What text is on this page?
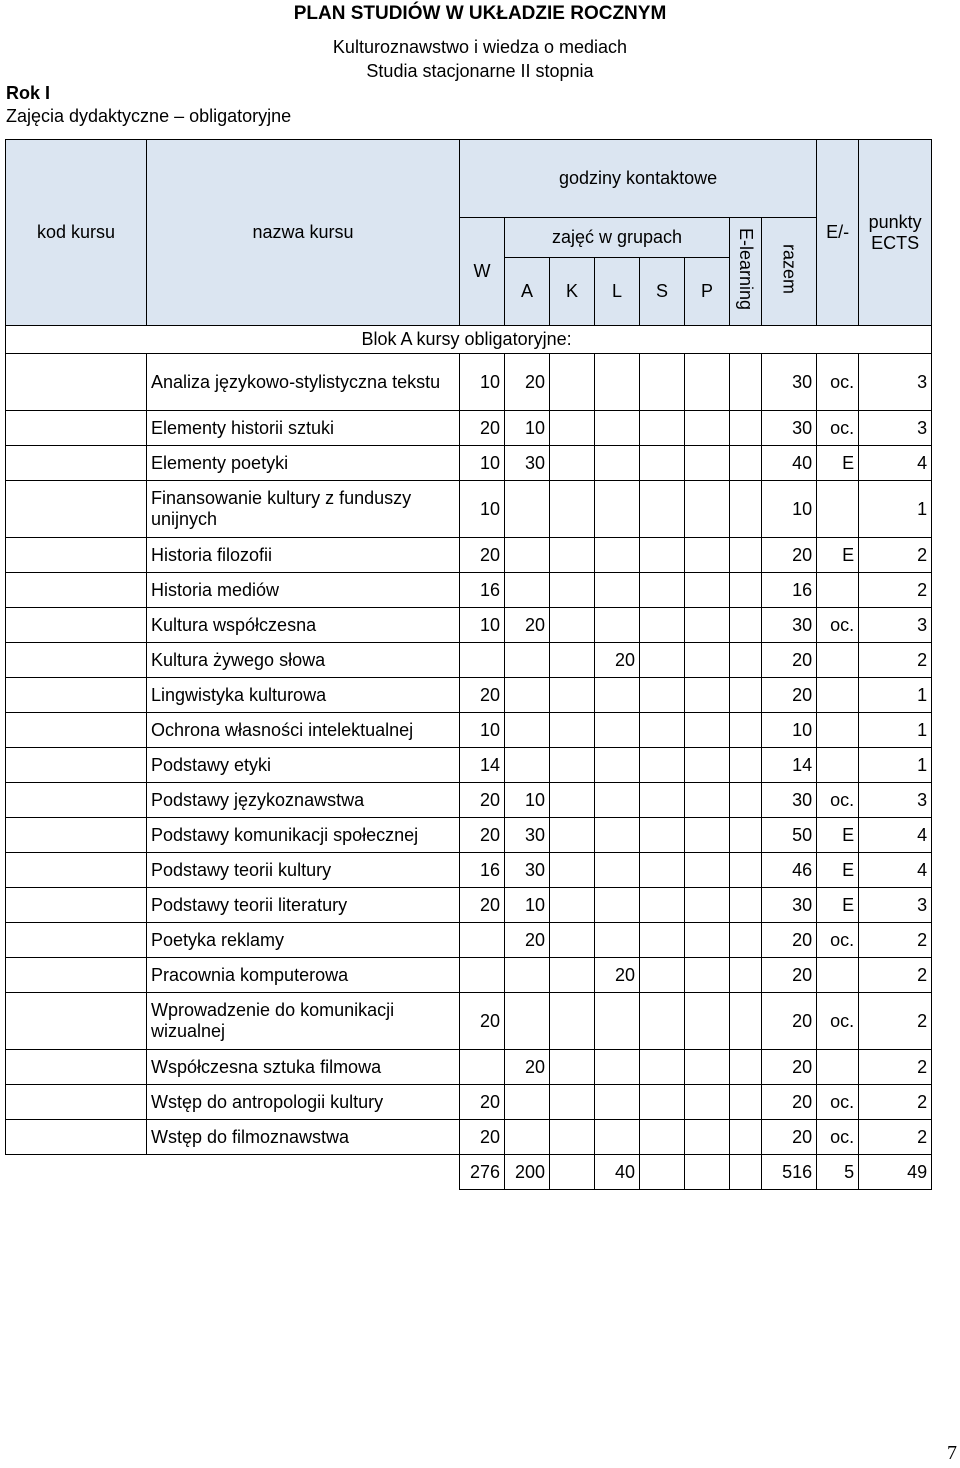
PLAN STUDIÓW W UKŁADZIE ROCZNYM
Kulturoznawstwo i wiedza o mediach
Studia stacjonarne II stopnia
Rok I
Zajęcia dydaktyczne – obligatoryjne
kod kursu	nazwa kursu	godziny kontaktowe								E/-	punkty ECTS
		W	zajęć w grupach					E-learning	razem		
			A	K	L	S	P				
Blok A kursy obligatoryjne:											
	Analiza językowo-stylistyczna tekstu	10	20						30	oc.	3
	Elementy historii sztuki	20	10						30	oc.	3
	Elementy poetyki	10	30						40	E	4
	Finansowanie kultury z funduszy unijnych	10							10		1
	Historia filozofii	20							20	E	2
	Historia mediów	16							16		2
	Kultura współczesna	10	20						30	oc.	3
	Kultura żywego słowa				20				20		2
	Lingwistyka kulturowa	20							20		1
	Ochrona własności intelektualnej	10							10		1
	Podstawy etyki	14							14		1
	Podstawy językoznawstwa	20	10						30	oc.	3
	Podstawy komunikacji społecznej	20	30						50	E	4
	Podstawy teorii kultury	16	30						46	E	4
	Podstawy teorii literatury	20	10						30	E	3
	Poetyka reklamy		20						20	oc.	2
	Pracownia komputerowa				20				20		2
	Wprowadzenie do komunikacji wizualnej	20							20	oc.	2
	Współczesna sztuka filmowa		20						20		2
	Wstęp do antropologii kultury	20							20	oc.	2
	Wstęp do filmoznawstwa	20							20	oc.	2
		276	200		40				516	5	49
7
